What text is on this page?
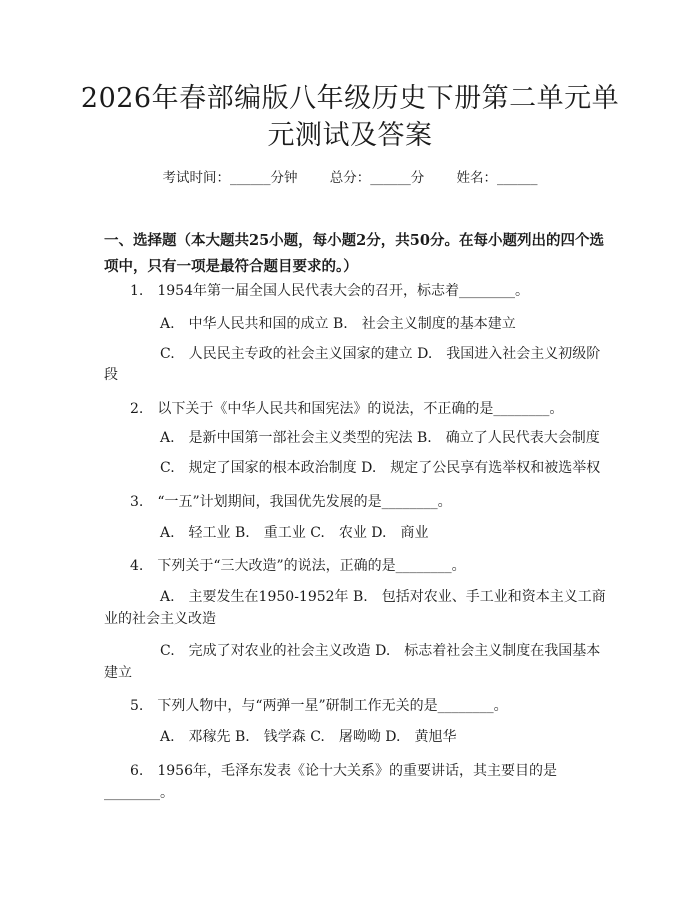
2026年春部编版八年级历史下册第二单元单
元测试及答案
考试时间：______分钟 总分：______分 姓名：______
一、选择题（本大题共25小题，每小题2分，共50分。在每小题列出的四个选
项中，只有一项是最符合题目要求的。）
1. 1954年第一届全国人民代表大会的召开，标志着________。
A.　中华人民共和国的成立 B.　社会主义制度的基本建立
C.　人民民主专政的社会主义国家的建立 D.　我国进入社会主义初级阶
段
2. 以下关于《中华人民共和国宪法》的说法，不正确的是________。
A.　是新中国第一部社会主义类型的宪法 B.　确立了人民代表大会制度
C.　规定了国家的根本政治制度 D.　规定了公民享有选举权和被选举权
3. “一五”计划期间，我国优先发展的是________。
A.　轻工业 B.　重工业 C.　农业 D.　商业
4. 下列关于“三大改造”的说法，正确的是________。
A.　主要发生在1950-1952年 B.　包括对农业、手工业和资本主义工商
业的社会主义改造
C.　完成了对农业的社会主义改造 D.　标志着社会主义制度在我国基本
建立
5. 下列人物中，与“两弹一星”研制工作无关的是________。
A.　邓稼先 B.　钱学森 C.　屠呦呦 D.　黄旭华
6. 1956年，毛泽东发表《论十大关系》的重要讲话，其主要目的是
________。
